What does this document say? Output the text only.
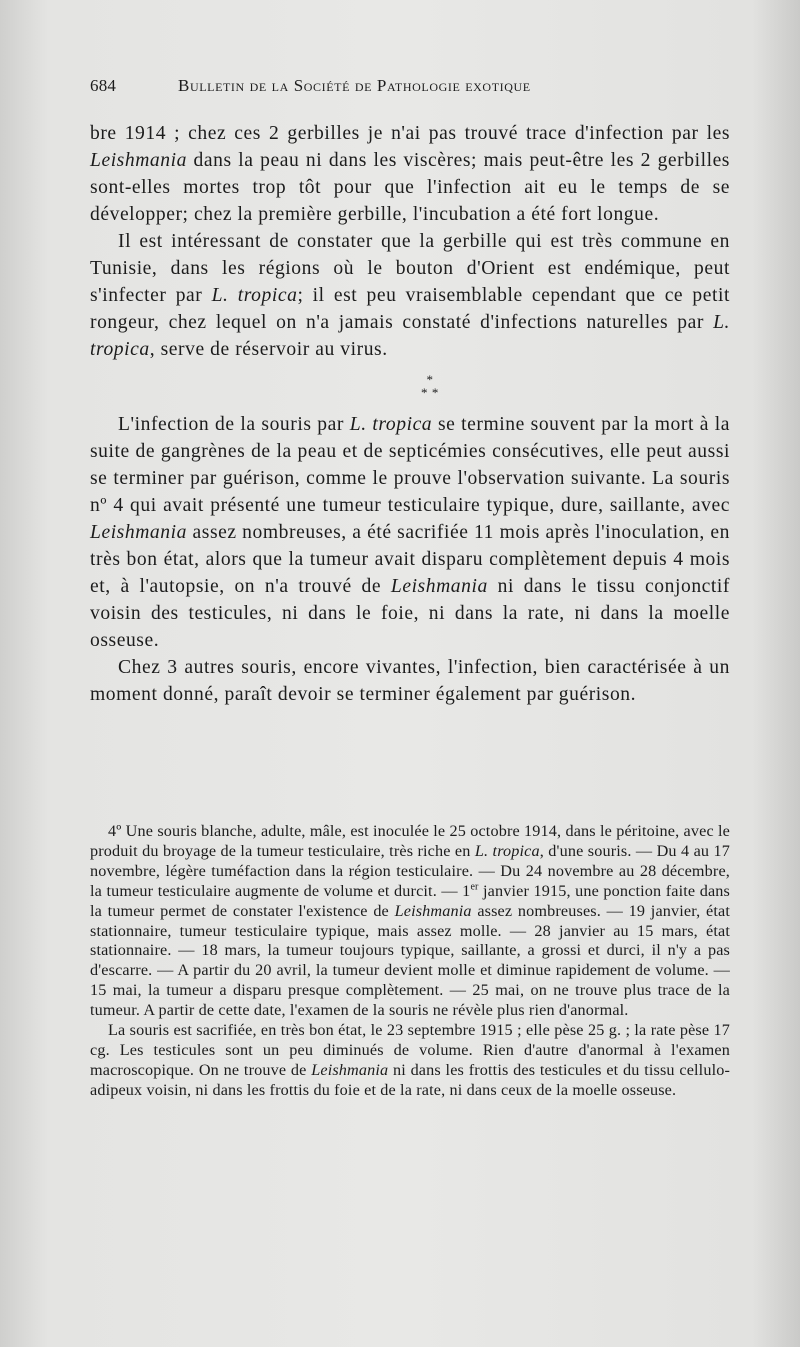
684	Bulletin de la Société de Pathologie exotique

bre 1914 ; chez ces 2 gerbilles je n'ai pas trouvé trace d'infection par les Leishmania dans la peau ni dans les viscères; mais peut-être les 2 gerbilles sont-elles mortes trop tôt pour que l'infection ait eu le temps de se développer; chez la première gerbille, l'incubation a été fort longue.

Il est intéressant de constater que la gerbille qui est très commune en Tunisie, dans les régions où le bouton d'Orient est endémique, peut s'infecter par L. tropica; il est peu vraisemblable cependant que ce petit rongeur, chez lequel on n'a jamais constaté d'infections naturelles par L. tropica, serve de réservoir au virus.

*
* *

L'infection de la souris par L. tropica se termine souvent par la mort à la suite de gangrènes de la peau et de septicémies consécutives, elle peut aussi se terminer par guérison, comme le prouve l'observation suivante. La souris nº 4 qui avait présenté une tumeur testiculaire typique, dure, saillante, avec Leishmania assez nombreuses, a été sacrifiée 11 mois après l'inoculation, en très bon état, alors que la tumeur avait disparu complètement depuis 4 mois et, à l'autopsie, on n'a trouvé de Leishmania ni dans le tissu conjonctif voisin des testicules, ni dans le foie, ni dans la rate, ni dans la moelle osseuse.

Chez 3 autres souris, encore vivantes, l'infection, bien caractérisée à un moment donné, paraît devoir se terminer également par guérison.

4º Une souris blanche, adulte, mâle, est inoculée le 25 octobre 1914, dans le péritoine, avec le produit du broyage de la tumeur testiculaire, très riche en L. tropica, d'une souris. — Du 4 au 17 novembre, légère tuméfaction dans la région testiculaire. — Du 24 novembre au 28 décembre, la tumeur testiculaire augmente de volume et durcit. — 1er janvier 1915, une ponction faite dans la tumeur permet de constater l'existence de Leishmania assez nombreuses. — 19 janvier, état stationnaire, tumeur testiculaire typique, mais assez molle. — 28 janvier au 15 mars, état stationnaire. — 18 mars, la tumeur toujours typique, saillante, a grossi et durci, il n'y a pas d'escarre. — A partir du 20 avril, la tumeur devient molle et diminue rapidement de volume. — 15 mai, la tumeur a disparu presque complètement. — 25 mai, on ne trouve plus trace de la tumeur. A partir de cette date, l'examen de la souris ne révèle plus rien d'anormal.

La souris est sacrifiée, en très bon état, le 23 septembre 1915 ; elle pèse 25 g. ; la rate pèse 17 cg. Les testicules sont un peu diminués de volume. Rien d'autre d'anormal à l'examen macroscopique. On ne trouve de Leishmania ni dans les frottis des testicules et du tissu cellulo-adipeux voisin, ni dans les frottis du foie et de la rate, ni dans ceux de la moelle osseuse.
